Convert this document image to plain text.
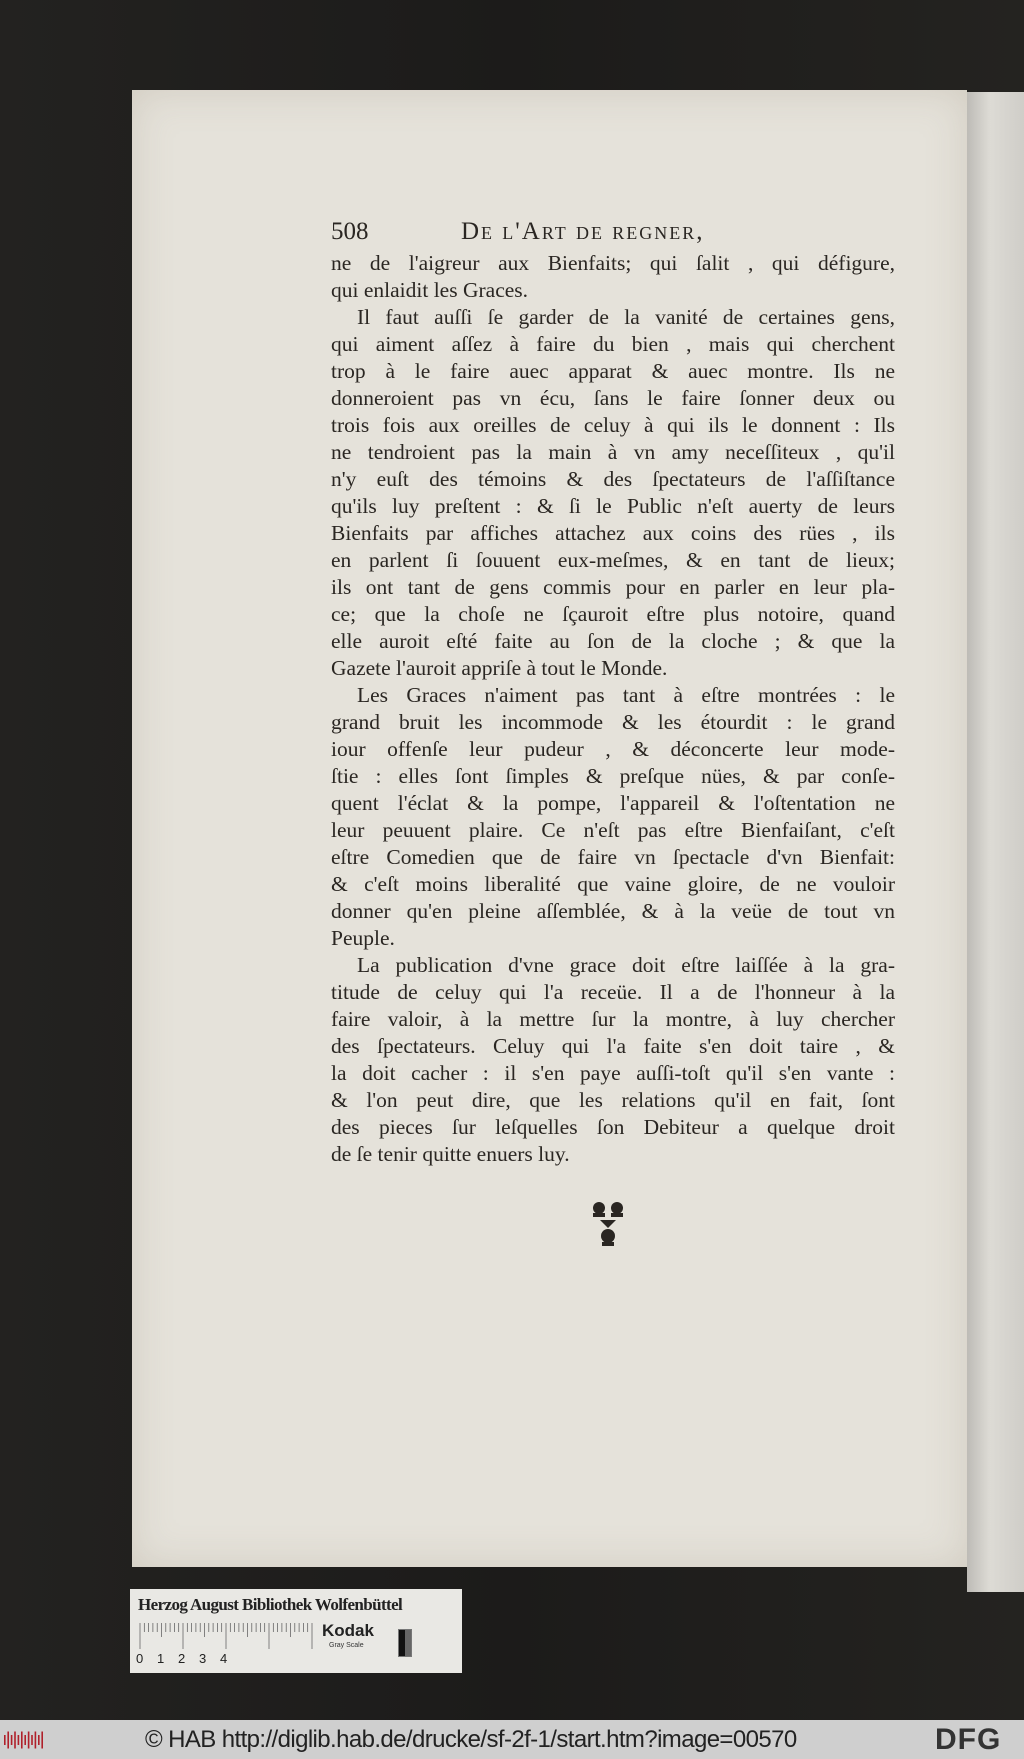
508	De l'Art de regner,
ne de l'aigreur aux Bienfaits; qui ſalit , qui défigure,
qui enlaidit les Graces.
Il faut auſſi ſe garder de la vanité de certaines gens,
qui aiment aſſez à faire du bien , mais qui cherchent
trop à le faire auec apparat & auec montre. Ils ne
donneroient pas vn écu, ſans le faire ſonner deux ou
trois fois aux oreilles de celuy à qui ils le donnent : Ils
ne tendroient pas la main à vn amy neceſſiteux , qu'il
n'y euſt des témoins & des ſpectateurs de l'aſſiſtance
qu'ils luy preſtent : & ſi le Public n'eſt auerty de leurs
Bienfaits par affiches attachez aux coins des rües , ils
en parlent ſi ſouuent eux-meſmes, & en tant de lieux;
ils ont tant de gens commis pour en parler en leur pla-
ce; que la choſe ne ſçauroit eſtre plus notoire, quand
elle auroit eſté faite au ſon de la cloche ; & que la
Gazete l'auroit appriſe à tout le Monde.
Les Graces n'aiment pas tant à eſtre montrées : le
grand bruit les incommode & les étourdit : le grand
iour offenſe leur pudeur , & déconcerte leur mode-
ſtie : elles ſont ſimples & preſque nües, & par conſe-
quent l'éclat & la pompe, l'appareil & l'oſtentation ne
leur peuuent plaire. Ce n'eſt pas eſtre Bienfaiſant, c'eſt
eſtre Comedien que de faire vn ſpectacle d'vn Bienfait:
& c'eſt moins liberalité que vaine gloire, de ne vouloir
donner qu'en pleine aſſemblée, & à la veüe de tout vn
Peuple.
La publication d'vne grace doit eſtre laiſſée à la gra-
titude de celuy qui l'a receüe. Il a de l'honneur à la
faire valoir, à la mettre ſur la montre, à luy chercher
des ſpectateurs. Celuy qui l'a faite s'en doit taire , &
la doit cacher : il s'en paye auſſi-toſt qu'il s'en vante :
& l'on peut dire, que les relations qu'il en fait, ſont
des pieces ſur leſquelles ſon Debiteur a quelque droit
de ſe tenir quitte enuers luy.
Herzog August Bibliothek Wolfenbüttel
Kodak
Gray Scale
0 1 2 3 4
© HAB http://diglib.hab.de/drucke/sf-2f-1/start.htm?image=00570	DFG
